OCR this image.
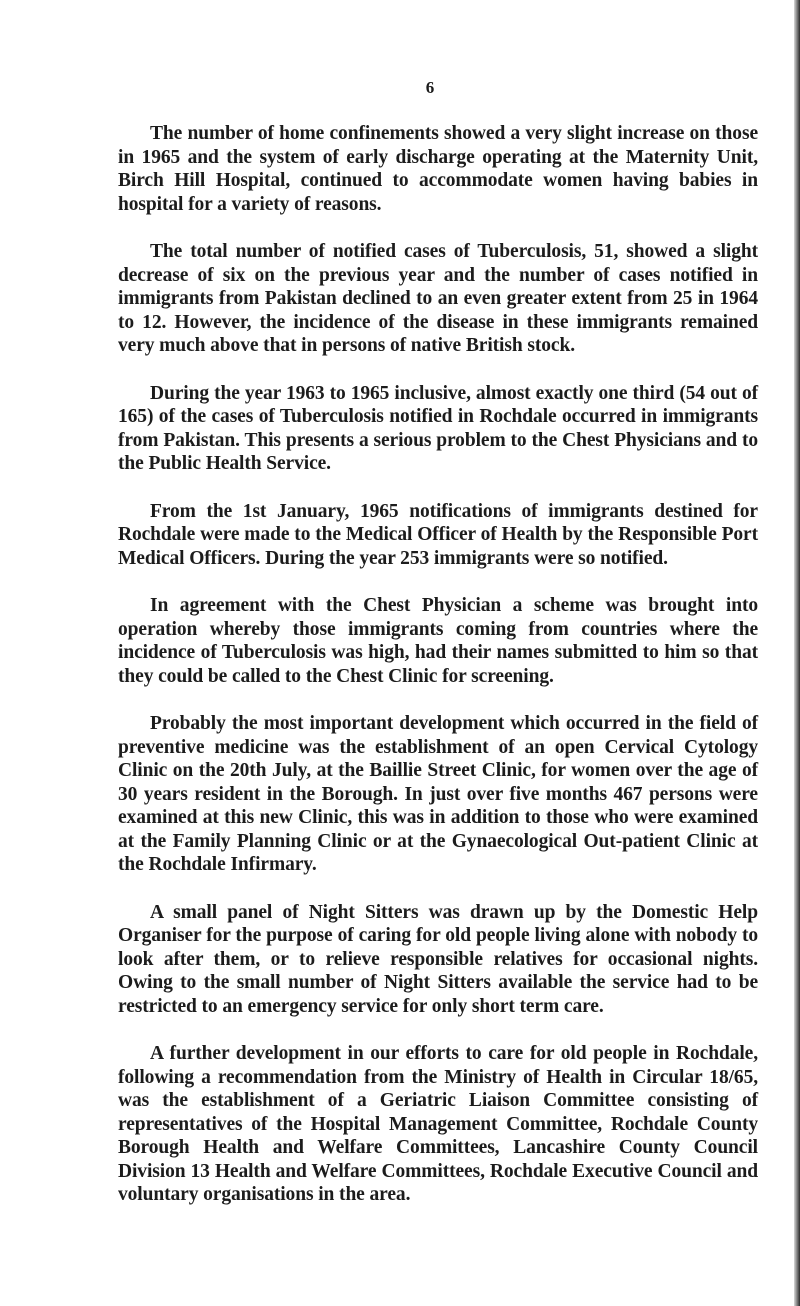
6

The number of home confinements showed a very slight increase on those in 1965 and the system of early discharge operating at the Maternity Unit, Birch Hill Hospital, continued to accommodate women having babies in hospital for a variety of reasons.

The total number of notified cases of Tuberculosis, 51, showed a slight decrease of six on the previous year and the number of cases notified in immigrants from Pakistan declined to an even greater extent from 25 in 1964 to 12. However, the incidence of the disease in these immigrants remained very much above that in persons of native British stock.

During the year 1963 to 1965 inclusive, almost exactly one third (54 out of 165) of the cases of Tuberculosis notified in Rochdale occurred in immigrants from Pakistan. This presents a serious problem to the Chest Physicians and to the Public Health Service.

From the 1st January, 1965 notifications of immigrants destined for Rochdale were made to the Medical Officer of Health by the Responsible Port Medical Officers. During the year 253 immigrants were so notified.

In agreement with the Chest Physician a scheme was brought into operation whereby those immigrants coming from countries where the incidence of Tuberculosis was high, had their names submitted to him so that they could be called to the Chest Clinic for screening.

Probably the most important development which occurred in the field of preventive medicine was the establishment of an open Cervical Cytology Clinic on the 20th July, at the Baillie Street Clinic, for women over the age of 30 years resident in the Borough. In just over five months 467 persons were examined at this new Clinic, this was in addition to those who were examined at the Family Planning Clinic or at the Gynaecological Out-patient Clinic at the Rochdale Infirmary.

A small panel of Night Sitters was drawn up by the Domestic Help Organiser for the purpose of caring for old people living alone with nobody to look after them, or to relieve responsible relatives for occasional nights. Owing to the small number of Night Sitters available the service had to be restricted to an emergency service for only short term care.

A further development in our efforts to care for old people in Rochdale, following a recommendation from the Ministry of Health in Circular 18/65, was the establishment of a Geriatric Liaison Committee consisting of representatives of the Hospital Management Committee, Rochdale County Borough Health and Welfare Committees, Lancashire County Council Division 13 Health and Welfare Committees, Rochdale Executive Council and voluntary organisations in the area.
